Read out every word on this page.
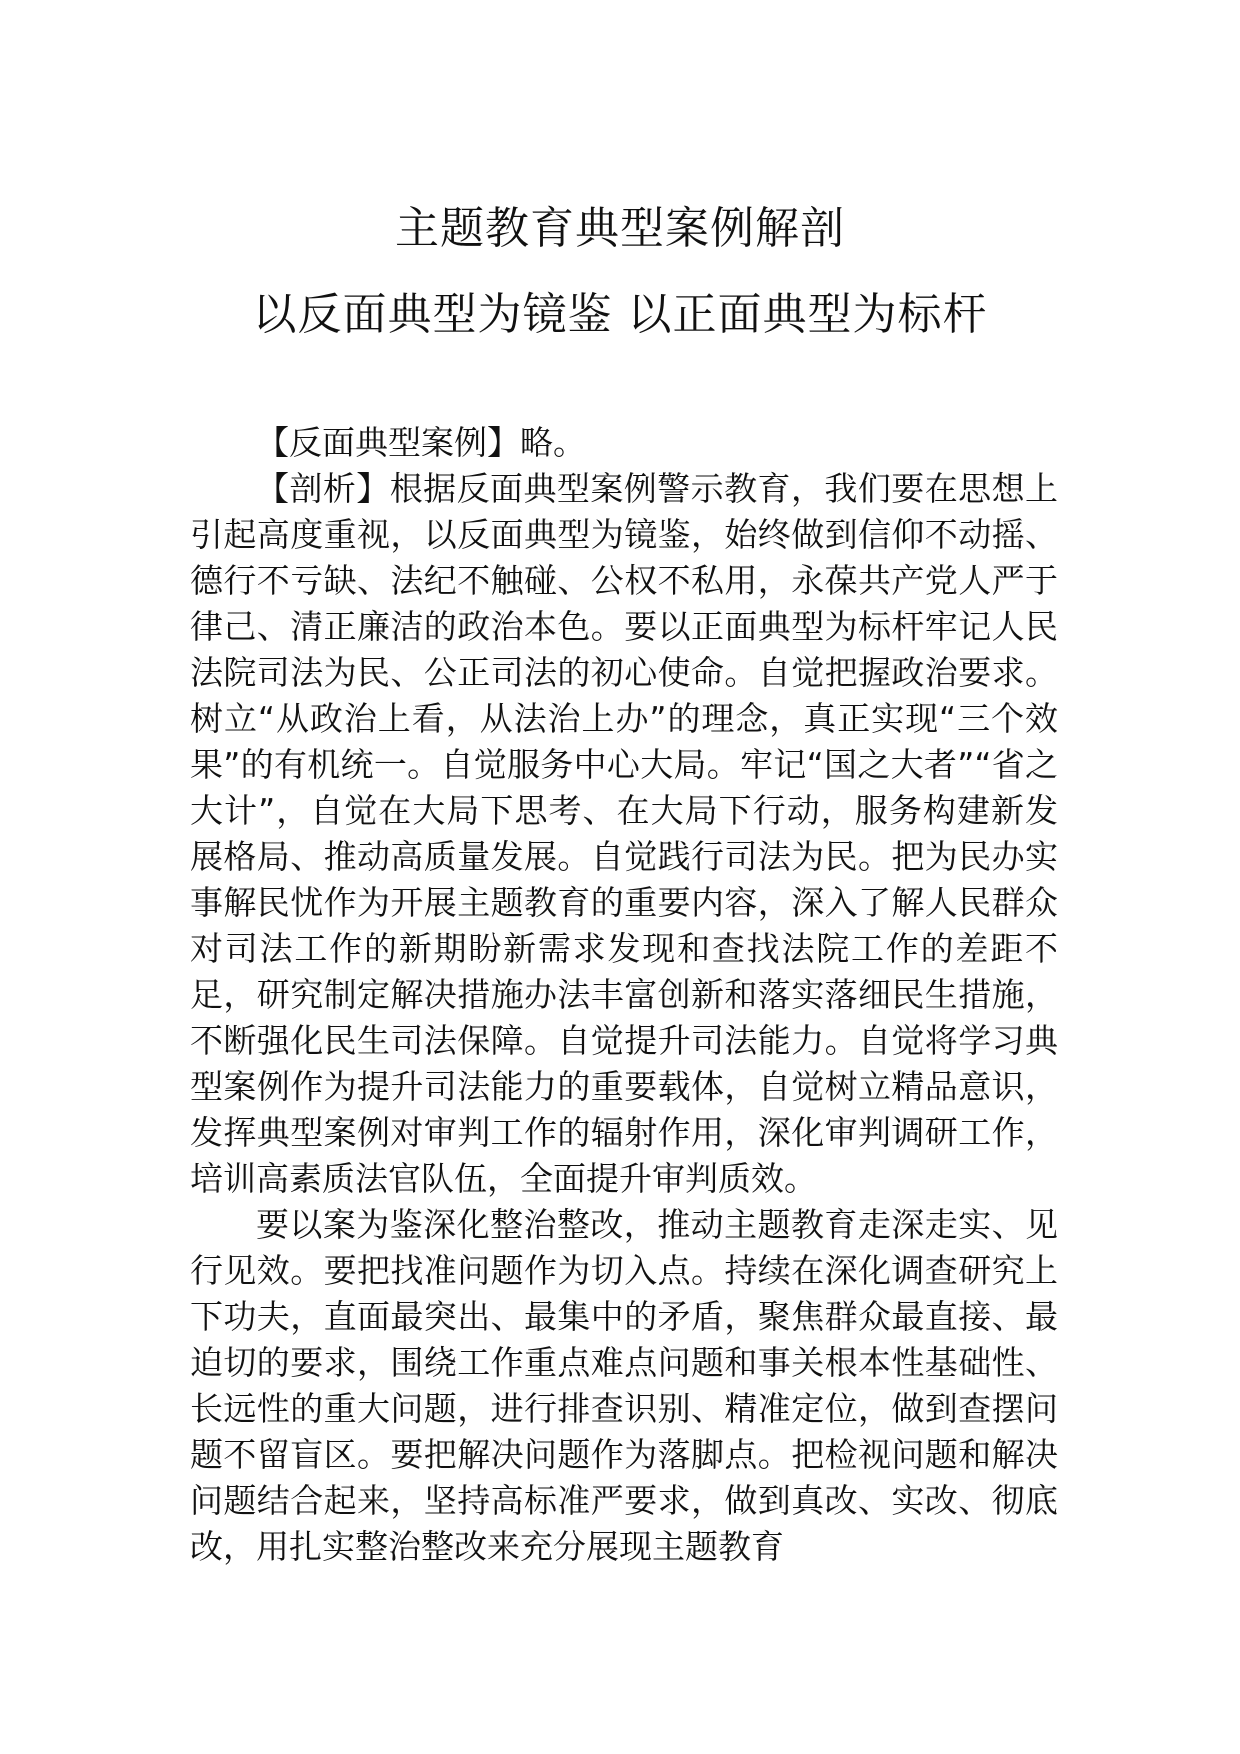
主题教育典型案例解剖
以反面典型为镜鉴 以正面典型为标杆

【反面典型案例】略。

【剖析】根据反面典型案例警示教育，我们要在思想上引起高度重视，以反面典型为镜鉴，始终做到信仰不动摇、德行不亏缺、法纪不触碰、公权不私用，永葆共产党人严于律己、清正廉洁的政治本色。要以正面典型为标杆牢记人民法院司法为民、公正司法的初心使命。自觉把握政治要求。树立“从政治上看，从法治上办”的理念，真正实现“三个效果”的有机统一。自觉服务中心大局。牢记“国之大者”“省之大计”，自觉在大局下思考、在大局下行动，服务构建新发展格局、推动高质量发展。自觉践行司法为民。把为民办实事解民忧作为开展主题教育的重要内容，深入了解人民群众对司法工作的新期盼新需求发现和查找法院工作的差距不足，研究制定解决措施办法丰富创新和落实落细民生措施，不断强化民生司法保障。自觉提升司法能力。自觉将学习典型案例作为提升司法能力的重要载体，自觉树立精品意识，发挥典型案例对审判工作的辐射作用，深化审判调研工作，培训高素质法官队伍，全面提升审判质效。

要以案为鉴深化整治整改，推动主题教育走深走实、见行见效。要把找准问题作为切入点。持续在深化调查研究上下功夫，直面最突出、最集中的矛盾，聚焦群众最直接、最迫切的要求，围绕工作重点难点问题和事关根本性基础性、长远性的重大问题，进行排查识别、精准定位，做到查摆问题不留盲区。要把解决问题作为落脚点。把检视问题和解决问题结合起来，坚持高标准严要求，做到真改、实改、彻底改，用扎实整治整改来充分展现主题教育
